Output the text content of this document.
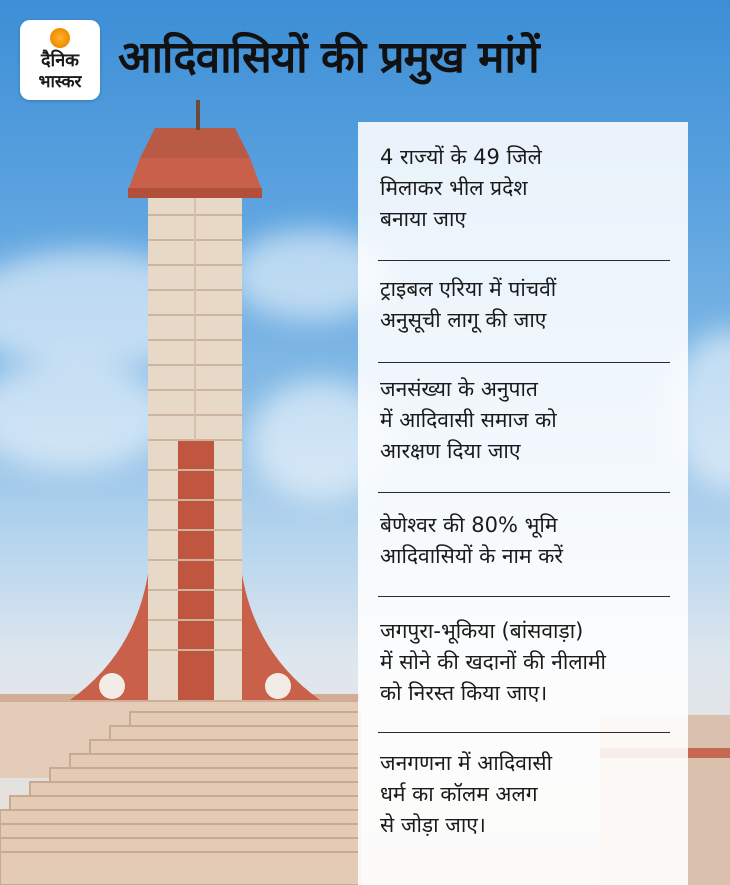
दैनिक
भास्कर आदिवासियों की प्रमुख मांगें
4 राज्यों के 49 जिले
मिलाकर भील प्रदेश
बनाया जाए
ट्राइबल एरिया में पांचवीं
अनुसूची लागू की जाए
जनसंख्या के अनुपात
में आदिवासी समाज को
आरक्षण दिया जाए
बेणेश्वर की 80% भूमि
आदिवासियों के नाम करें
जगपुरा-भूकिया (बांसवाड़ा)
में सोने की खदानों की नीलामी
को निरस्त किया जाए।
जनगणना में आदिवासी
धर्म का कॉलम अलग
से जोड़ा जाए।
